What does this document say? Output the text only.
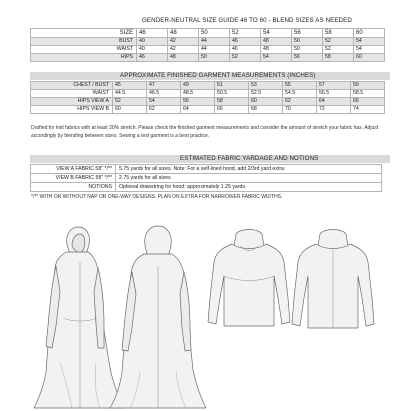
GENDER-NEUTRAL SIZE GUIDE 46 TO 60 - BLEND SIZES AS NEEDED
SIZE	46	48	50	52	54	56	58	60
BUST	40	42	44	46	48	50	52	54
WAIST	40	42	44	46	48	50	52	54
HIPS	46	48	50	52	54	56	58	60
APPROXIMATE FINISHED GARMENT MEASUREMENTS (INCHES)
CHEST / BUST	45	47	49	51	53	55	57	59
WAIST	44.5	46.5	48.5	50.5	52.5	54.5	56.5	58.5
HIPS VIEW A	52	54	56	58	60	62	64	66
HIPS VIEW B	60	62	64	66	68	70	72	74
Drafted for knit fabrics with at least 20% stretch. Please check the finished garment measurements and consider the amount of stretch your fabric has. Adjust accordingly by blending between sizes. Sewing a test garment is a best practice.
ESTIMATED FABRIC YARDAGE AND NOTIONS
VIEW A FABRIC 58" */**	5.75 yards for all sizes. Note: For a self-lined hood, add 2/3rd yard extra.
VIEW B FABRIC 58" */**	2.75 yards for all sizes
NOTIONS	Optional drawstring for hood: approximately 1.25 yards.
*/** WITH OR WITHOUT NAP OR ONE-WAY DESIGNS. PLAN ON EXTRA FOR NARROWER FABRIC WIDTHS.
